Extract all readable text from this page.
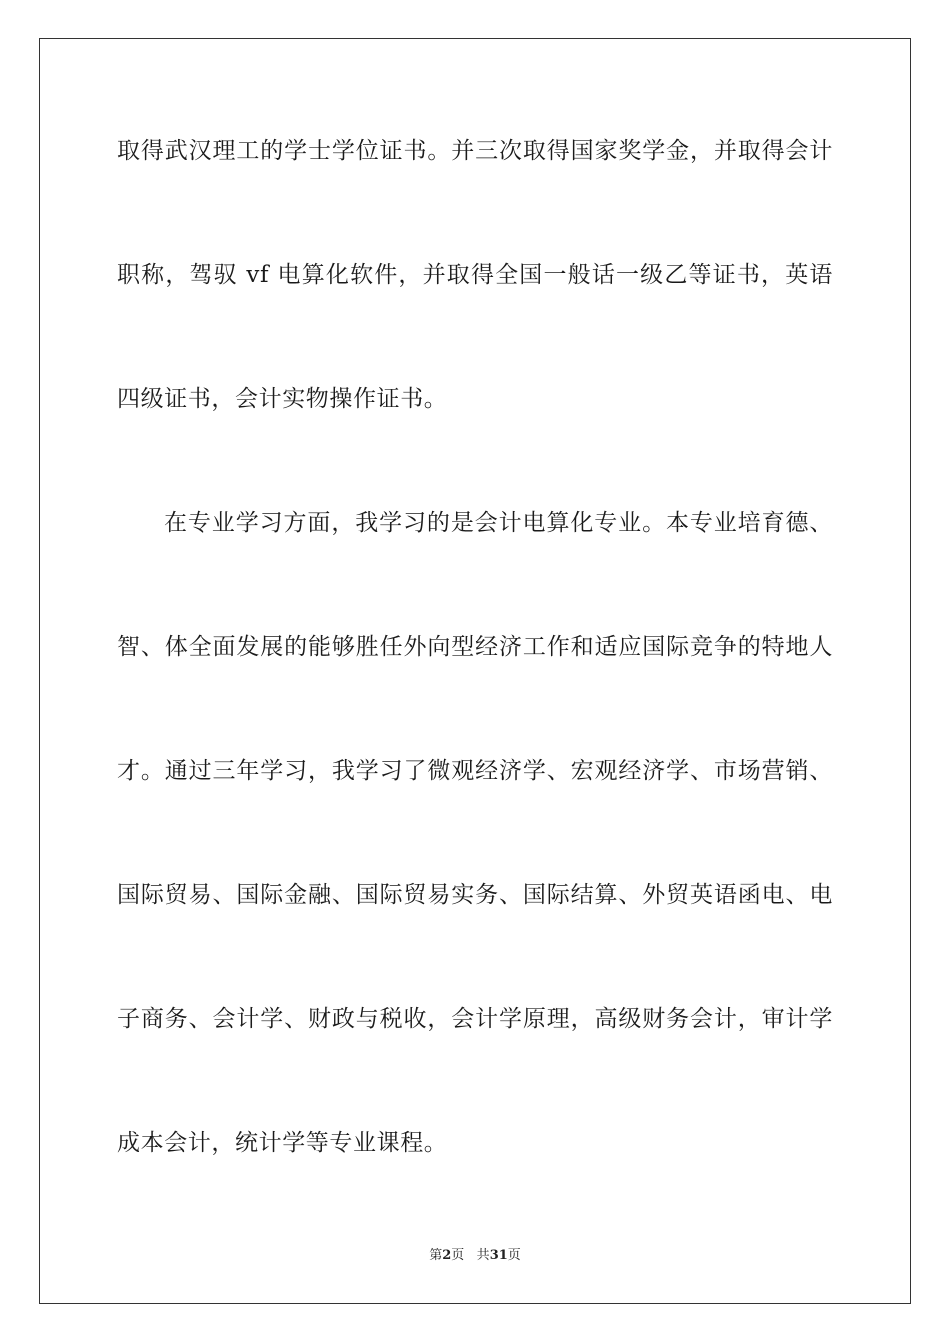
取得武汉理工的学士学位证书。并三次取得国家奖学金，并取得会计
职称，驾驭 vf 电算化软件，并取得全国一般话一级乙等证书，英语
四级证书，会计实物操作证书。
在专业学习方面，我学习的是会计电算化专业。本专业培育德、
智、体全面发展的能够胜任外向型经济工作和适应国际竞争的特地人
才。通过三年学习，我学习了微观经济学、宏观经济学、市场营销、
国际贸易、国际金融、国际贸易实务、国际结算、外贸英语函电、电
子商务、会计学、财政与税收，会计学原理，高级财务会计，审计学
成本会计，统计学等专业课程。
第2页 共31页
